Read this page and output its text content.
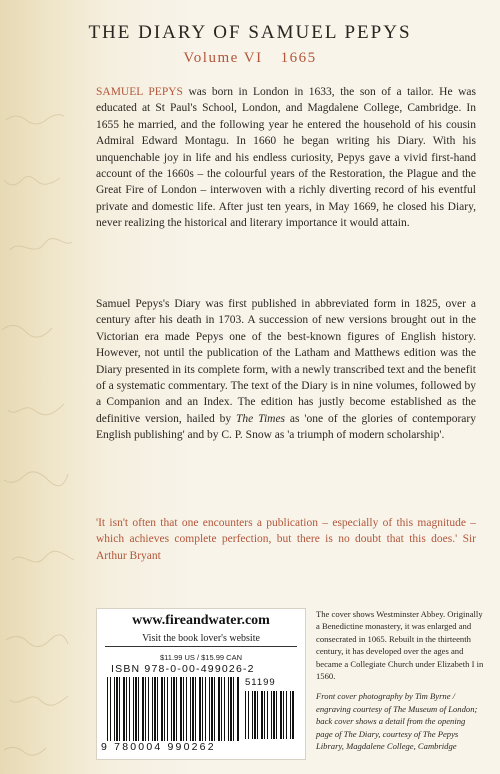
THE DIARY OF SAMUEL PEPYS
Volume VI 1665
SAMUEL PEPYS was born in London in 1633, the son of a tailor. He was educated at St Paul's School, London, and Magdalene College, Cambridge. In 1655 he married, and the following year he entered the household of his cousin Admiral Edward Montagu. In 1660 he began writing his Diary. With his unquenchable joy in life and his endless curiosity, Pepys gave a vivid first-hand account of the 1660s – the colourful years of the Restoration, the Plague and the Great Fire of London – interwoven with a richly diverting record of his eventful private and domestic life. After just ten years, in May 1669, he closed his Diary, never realizing the historical and literary importance it would attain.
Samuel Pepys's Diary was first published in abbreviated form in 1825, over a century after his death in 1703. A succession of new versions brought out in the Victorian era made Pepys one of the best-known figures of English history. However, not until the publication of the Latham and Matthews edition was the Diary presented in its complete form, with a newly transcribed text and the benefit of a systematic commentary. The text of the Diary is in nine volumes, followed by a Companion and an Index. The edition has justly become established as the definitive version, hailed by The Times as 'one of the glories of contemporary English publishing' and by C. P. Snow as 'a triumph of modern scholarship'.
'It isn't often that one encounters a publication – especially of this magnitude – which achieves complete perfection, but there is no doubt that this does.' Sir Arthur Bryant
www.fireandwater.com
Visit the book lover's website
$11.99 US / $15.99 CAN
ISBN 978-0-00-499026-2
51199
9 780004 990262

The cover shows Westminster Abbey. Originally a Benedictine monastery, it was enlarged and consecrated in 1065. Rebuilt in the thirteenth century, it has developed over the ages and became a Collegiate Church under Elizabeth I in 1560.

Front cover photography by Tim Byrne / engraving courtesy of The Museum of London; back cover shows a detail from the opening page of The Diary, courtesy of The Pepys Library, Magdalene College, Cambridge
